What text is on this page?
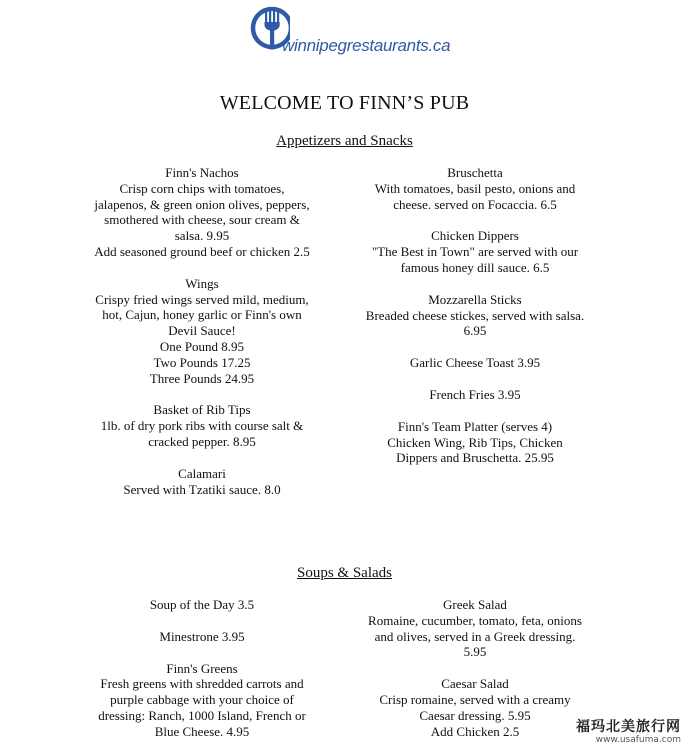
winnipegrestaurants.ca
WELCOME TO FINN’S PUB
Appetizers and Snacks
Finn's Nachos
Crisp corn chips with tomatoes,
jalapenos, & green onion olives, peppers,
smothered with cheese, sour cream &
salsa. 9.95
Add seasoned ground beef or chicken 2.5
Wings
Crispy fried wings served mild, medium,
hot, Cajun, honey garlic or Finn's own
Devil Sauce!
One Pound 8.95
Two Pounds 17.25
Three Pounds 24.95
Basket of Rib Tips
1lb. of dry pork ribs with course salt &
cracked pepper. 8.95
Calamari
Served with Tzatiki sauce. 8.0
Bruschetta
With tomatoes, basil pesto, onions and
cheese. served on Focaccia. 6.5
Chicken Dippers
"The Best in Town" are served with our
famous honey dill sauce. 6.5
Mozzarella Sticks
Breaded cheese stickes, served with salsa.
6.95
Garlic Cheese Toast 3.95
French Fries 3.95
Finn's Team Platter (serves 4)
Chicken Wing, Rib Tips, Chicken
Dippers and Bruschetta. 25.95
Soups & Salads
Soup of the Day 3.5
Minestrone 3.95
Finn's Greens
Fresh greens with shredded carrots and
purple cabbage with your choice of
dressing: Ranch, 1000 Island, French or
Blue Cheese. 4.95
Greek Salad
Romaine, cucumber, tomato, feta, onions
and olives, served in a Greek dressing.
5.95
Caesar Salad
Crisp romaine, served with a creamy
Caesar dressing. 5.95
Add Chicken 2.5	福玛北美旅行网
www.usafuma.com
